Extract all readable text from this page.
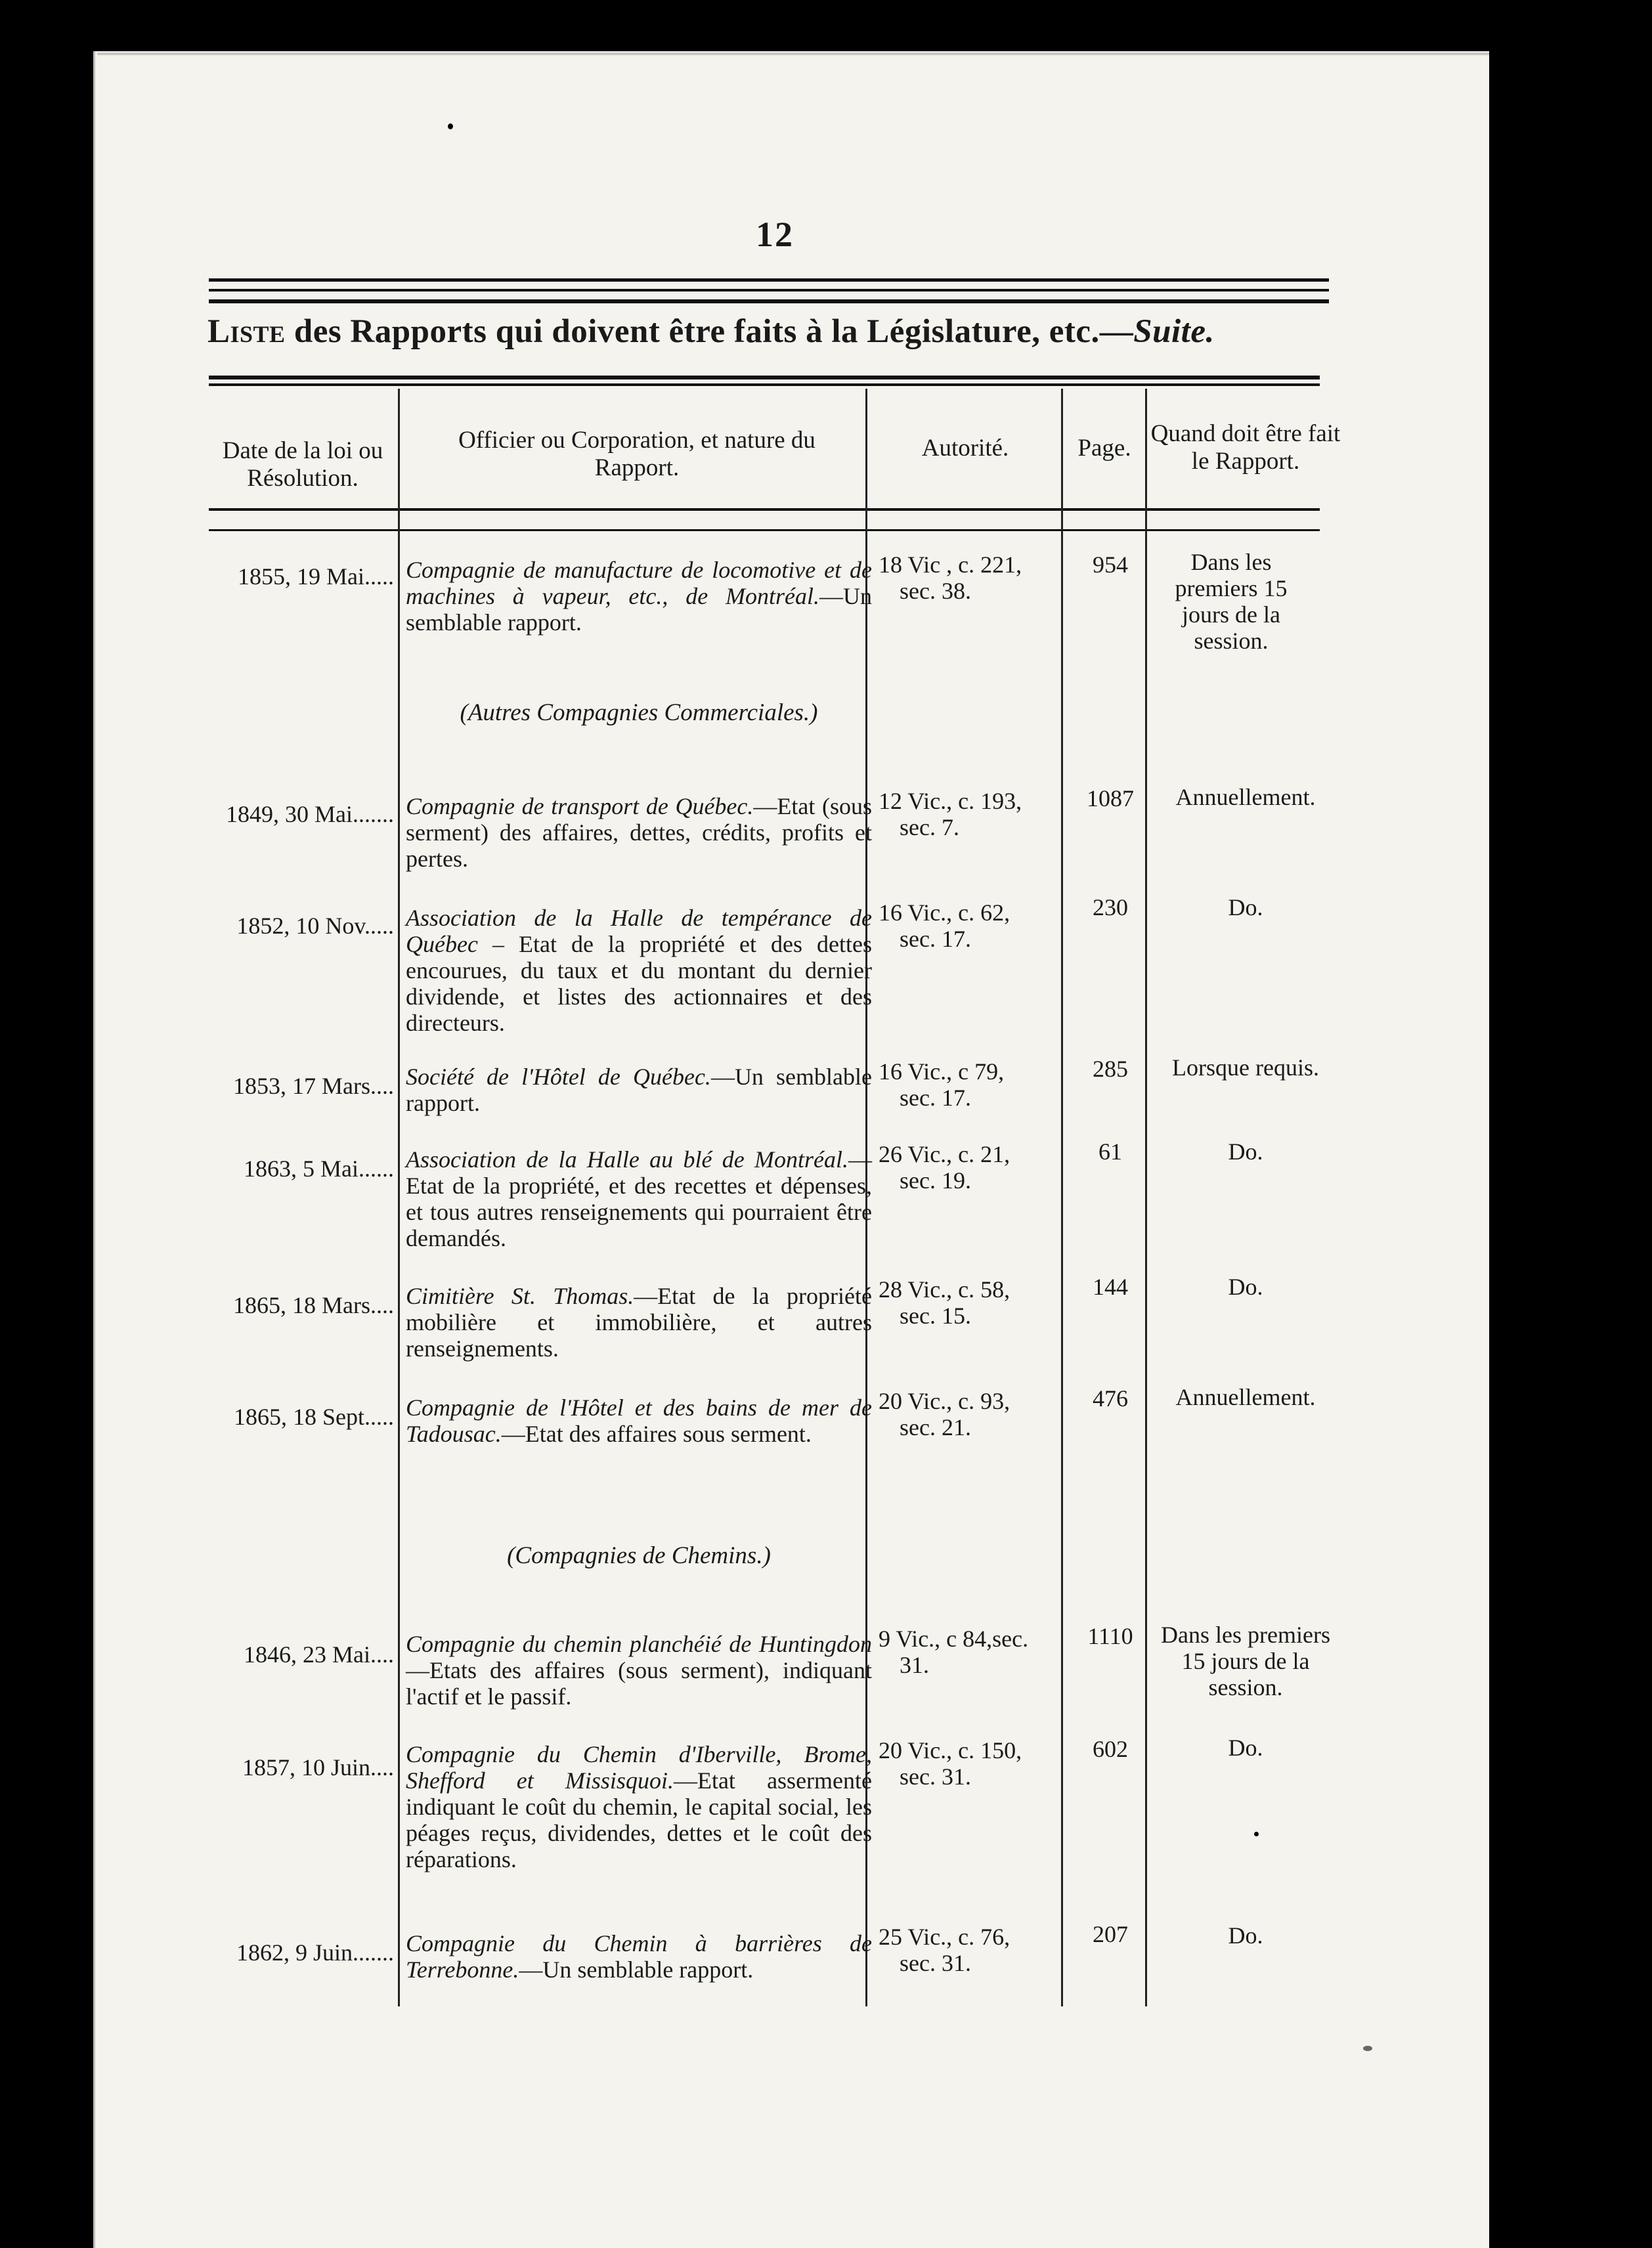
12
Liste des Rapports qui doivent être faits à la Législature, etc.—Suite.
Date de la loi ou Résolution.
Officier ou Corporation, et nature du Rapport.
Autorité.	Page.
Quand doit être fait le Rapport.
1855, 19 Mai..... Compagnie de manufacture de locomotive et de machines à vapeur, etc., de Montréal.—Un semblable rapport.
18 Vic , c. 221,
sec. 38.
954	Dans les premiers 15 jours de la session.
(Autres Compagnies Commerciales.)
1849, 30 Mai....... Compagnie de transport de Québec.—Etat (sous serment) des affaires, dettes, crédits, profits et pertes.
12 Vic., c. 193,
sec. 7.
1087	Annuellement.
1852, 10 Nov..... Association de la Halle de tempérance de Québec – Etat de la propriété et des dettes encourues, du taux et du montant du dernier dividende, et listes des actionnaires et des directeurs.
16 Vic., c. 62,
sec. 17.
230	Do.
1853, 17 Mars.... Société de l'Hôtel de Québec.—Un semblable rapport.
16 Vic., c 79,
sec. 17.
285	Lorsque requis.
1863, 5 Mai...... Association de la Halle au blé de Montréal.—Etat de la propriété, et des recettes et dépenses, et tous autres renseignements qui pourraient être demandés.
26 Vic., c. 21,
sec. 19.
61	Do.
1865, 18 Mars.... Cimitière St. Thomas.—Etat de la propriété mobilière et immobilière, et autres renseignements.
28 Vic., c. 58,
sec. 15.
144	Do.
1865, 18 Sept..... Compagnie de l'Hôtel et des bains de mer de Tadousac.—Etat des affaires sous serment.
20 Vic., c. 93,
sec. 21.
476	Annuellement.
(Compagnies de Chemins.)
1846, 23 Mai.... Compagnie du chemin planchéié de Huntingdon —Etats des affaires (sous serment), indiquant l'actif et le passif.
9 Vic., c 84,sec.
31.
1110	Dans les premiers 15 jours de la session.
1857, 10 Juin.... Compagnie du Chemin d'Iberville, Brome, Shefford et Missisquoi.—Etat assermenté indiquant le coût du chemin, le capital social, les péages reçus, dividendes, dettes et le coût des réparations.
20 Vic., c. 150,
sec. 31.
602	Do.
1862, 9 Juin....... Compagnie du Chemin à barrières de Terrebonne.—Un semblable rapport.
25 Vic., c. 76,
sec. 31.
207	Do.
